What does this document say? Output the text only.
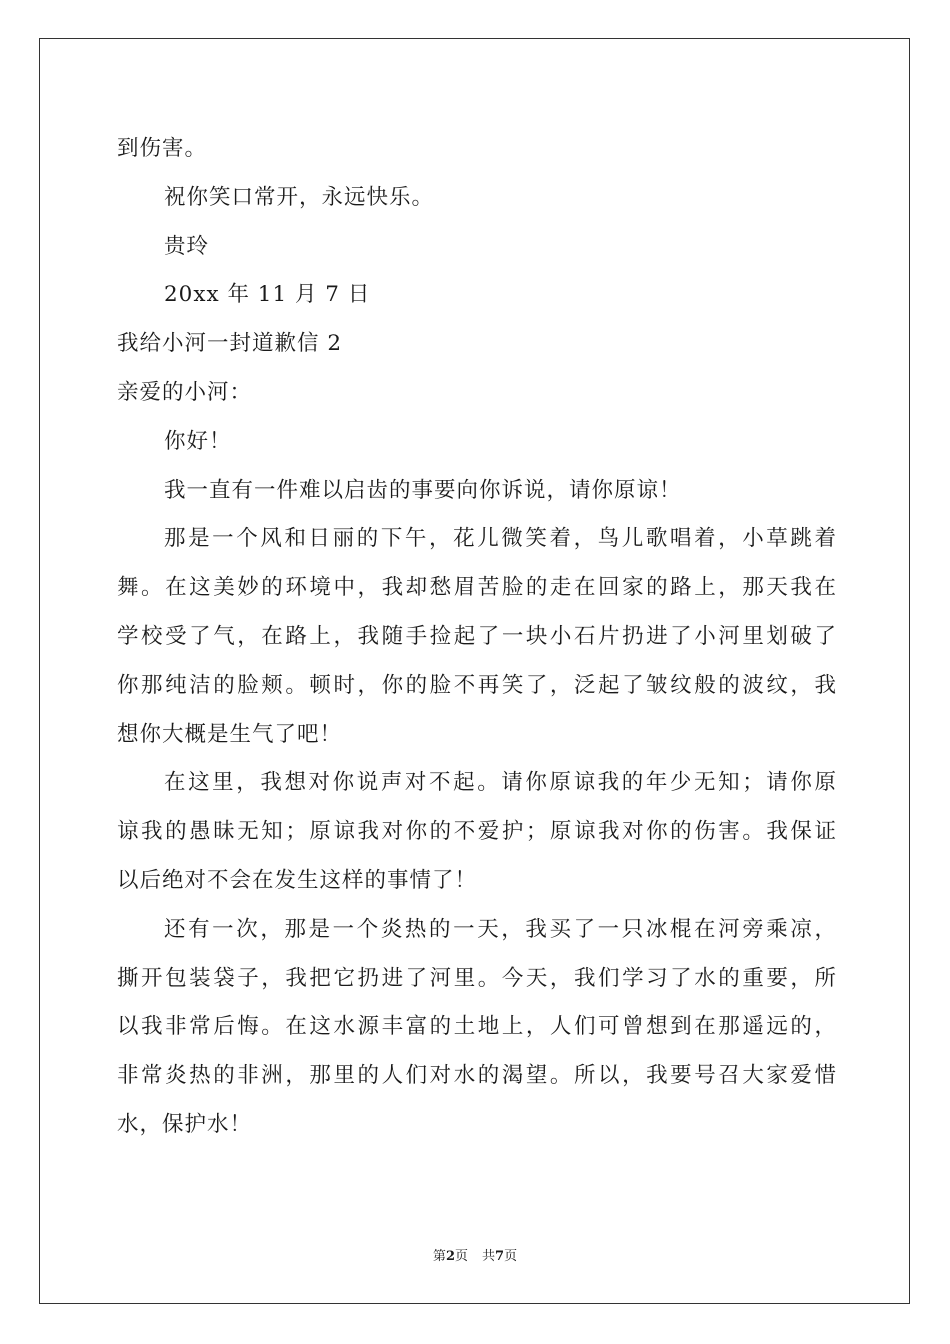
到伤害。
祝你笑口常开，永远快乐。
贵玲
20xx 年 11 月 7 日
我给小河一封道歉信 2
亲爱的小河：
你好！
我一直有一件难以启齿的事要向你诉说，请你原谅！
那是一个风和日丽的下午，花儿微笑着，鸟儿歌唱着，小草跳着
舞。在这美妙的环境中，我却愁眉苦脸的走在回家的路上，那天我在
学校受了气，在路上，我随手捡起了一块小石片扔进了小河里划破了
你那纯洁的脸颊。顿时，你的脸不再笑了，泛起了皱纹般的波纹，我
想你大概是生气了吧！
在这里，我想对你说声对不起。请你原谅我的年少无知；请你原
谅我的愚昧无知；原谅我对你的不爱护；原谅我对你的伤害。我保证
以后绝对不会在发生这样的事情了！
还有一次，那是一个炎热的一天，我买了一只冰棍在河旁乘凉，
撕开包装袋子，我把它扔进了河里。今天，我们学习了水的重要，所
以我非常后悔。在这水源丰富的土地上，人们可曾想到在那遥远的，
非常炎热的非洲，那里的人们对水的渴望。所以，我要号召大家爱惜
水，保护水！
第2页 共7页
